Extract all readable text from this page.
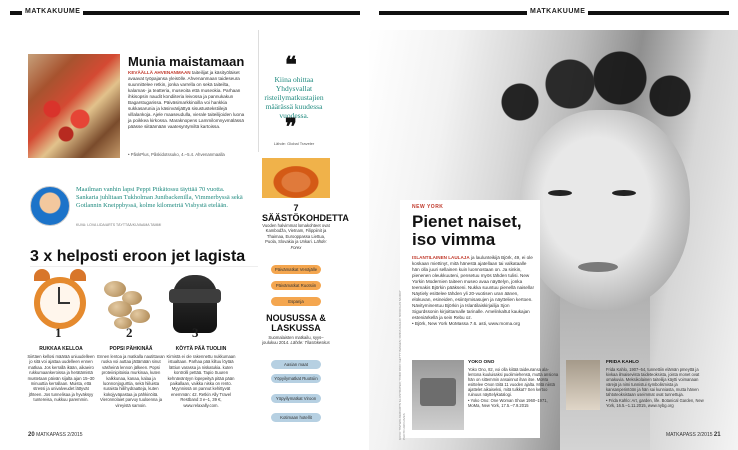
MATKAKUUME
Munia maistamaan
KEVÄÄLLÄ AHVENANMAAN taiteilijat ja käsityöläiset avaavat työpajansa yleisölle. Ahvenanmaan taideseura suunnittelee retkin, jonka varrella on sekä taiteilta, kalamas- ja teatteria, museoita että museokia. Parhaan ihkisopsin naudit kondiiteria leivossa ja pannukakun Bagarstugarissa. Päiväsimarkkinoilla voi hankkia sukkasarunia ja käsinvärijättyä sisustustekstiilejä villalankoja. Ajele maaseudulla, vierale taiteilijoiden luona ja poikkea kirkossa. Maraknopens Lammilomnyvmälässä päässe siitäämään vaatesyntymiltä kartoissa.
• PåskPlus, Påskidotssuko, 4.–5.4. Ahvenanmaalla
❝
Kiina ohittaa Yhdysvallat risteilymatkustajien määrässä kuudessa vuodessa.
❞
Lähde: Global Traveler
Maailman vanhin lapsi Peppi Pitkätossu täyttää 70 vuotta. Sankaria juhlitaan Tukholman Junibackenilla, Vimmerbyssä sekä Gotlannin Kneippbyssä, kolme kilometriä Visbystä etelään.
KUVA: LOVA LIDA/ARTS TÄYTTÄÄ/KUVAAMA TAMMI
7 SÄÄSTÖKOHDETTA
Vuoden halvimmat lomakohteet ovat Kambodža, Vietnam, Filippiinit ja Thaimaa, Eurooppassa Liettua, Puola, Slovakia ja Unkari. Lähde: Forex
Päivämatkat Venäjälle
Päivämatkat Ruotsiin
Espanja
NOUSUSSA & LASKUSSA
Suomalaisten matkailu, syys–joulukuu 2014. Lähde: Tilastokeskus
Aasian maat
Yöpyilymatkat Ruotsiin
Yöpyilymatkat Viroon
Kotimaan hotellit
3 x helposti eroon jet lagista
1	2	3
RUKKAA KELLOA
Siirtäen kellosi määrää uniuudelleen jo sitä voi ajattaa uudelleen ennen matkaa. Jos kerrallä ikään, aikaeiro rukkumaankeroissa ja herätämistä mustetaan päivän sijalta ajan 15–30 minuuttia kerrallaan. Muista, että stressi ja univalveudet lättyvät jthteen. Jos tunnelisaa ja hyväksyy tuntereisa, nukkuu paremmin.
POPSI PÄHKINÄÄ
Ennen lentoa ja matkalla nautittavan ruoka voi auttaa jättämään sinut väsheinä lennon jälkeen. Popsi proteiinipitoisia murkinaa, kuten kalkkunaa, kanaa, kalaa ja luonnonjogurttia, sekä hiiluista suraista hiilihydraatteja, kuten kokojyväpastaa ja pähkinöitä. Vieronnolaiet parvuy tuuloenna ja vireyistä samoin.
KÖYTÄ PÄÄ TUOLIIN
Kirnistä ei ole rakennettu nukkumaan istualtaan. Parhaa pää kiltuu löytää lättiun varassa ja niskatukia. kuten kontrolli pettää. Tapio Suuren kehnäväntyyn lopepeityä pitää pään paikallaan, vaikka niska on rento. Myynnissä on pannut kehittyvät enemmän: 42. Retkin Ally Travel Restband 3 e–1, 39 €, www.relaxally.com.
20 MATKAPASS 2/2015
MATKAKUUME
NEW YORK
Pienet naiset, iso vimma
ISLANTILAINEN LAULAJA ja laulunteikijä Björk, 49, ei ole koskaan miettinyt, mitä hänestä ajatellaan tai valkataalle hän olla juuri sellainen kuin luonnostaan on. Ja sinkin, pienenen oleukkuuteni, pensetuu myös tähden tulisi. New Yorkin Modernien taiteen museo avaa näyttelyn, jonka teemakis Björkin pääkseni. Nukka suuntuu pienellä naisella! Näytiely esittelee tähden yli 20-vuotisen uran äänen, elokuvan, esineiden, esiintymisasujen ja näyttelien kertoen. Nävityminentuu Björkin ja Islantilaiskirjailija Sjon Sigurdssonin kirjoittamalle tarinalle. Amelinkaltut kaukajan esteniärkellä ja sein Rebu oz.
• Björk, New York MoMassa 7.6. asti, www.moma.org
KUVA: TIM WALKER/ARTS ILLUSTRATED; YOKO ONO: GETTY IMAGES; FRIDA KAHLO: NICKOLAS MURAY PHOTO ARCHIVES
YOKO ONO
Yoko Ono, 82, voi olla kiitää taideuransa ala-lentona kuuluisaksi puolimiehensä, mutta ansiona hän on sittemmin ansainnut ihan itse. MoMa esittelee Onon töitä 11 vuoden ajalta. Mitä niistä ajattelet aikaiseksi, mitä tulkkat? Sen kertoo ruinuus näyttelykatalogi.
• Yoko Ono: One Woman Show 1960–1971, MoMa, New York, 17.5.–7.9.2015
FRIDA KAHLO
Frida Kahlo, 1907–54, tunnettiin elämän pmeyttä ja kivkaa ilmaisevista taideteoksista, joista monet ovat omakuvia. Meksikolainen taiteilija käytti voimanaan värejä ja nimi tunnistui symbolismista ja kansanperintöön ja hän sai kunniasta, mutta hänen tahtoteoksistaan useimmat ovat tunnettuja.
• Frida Kahlo: Art, garden, life. Botanical Garden, New York, 16.5.–1.11.2015, www.nybg.org
MATKAPASS 2/2015 21
